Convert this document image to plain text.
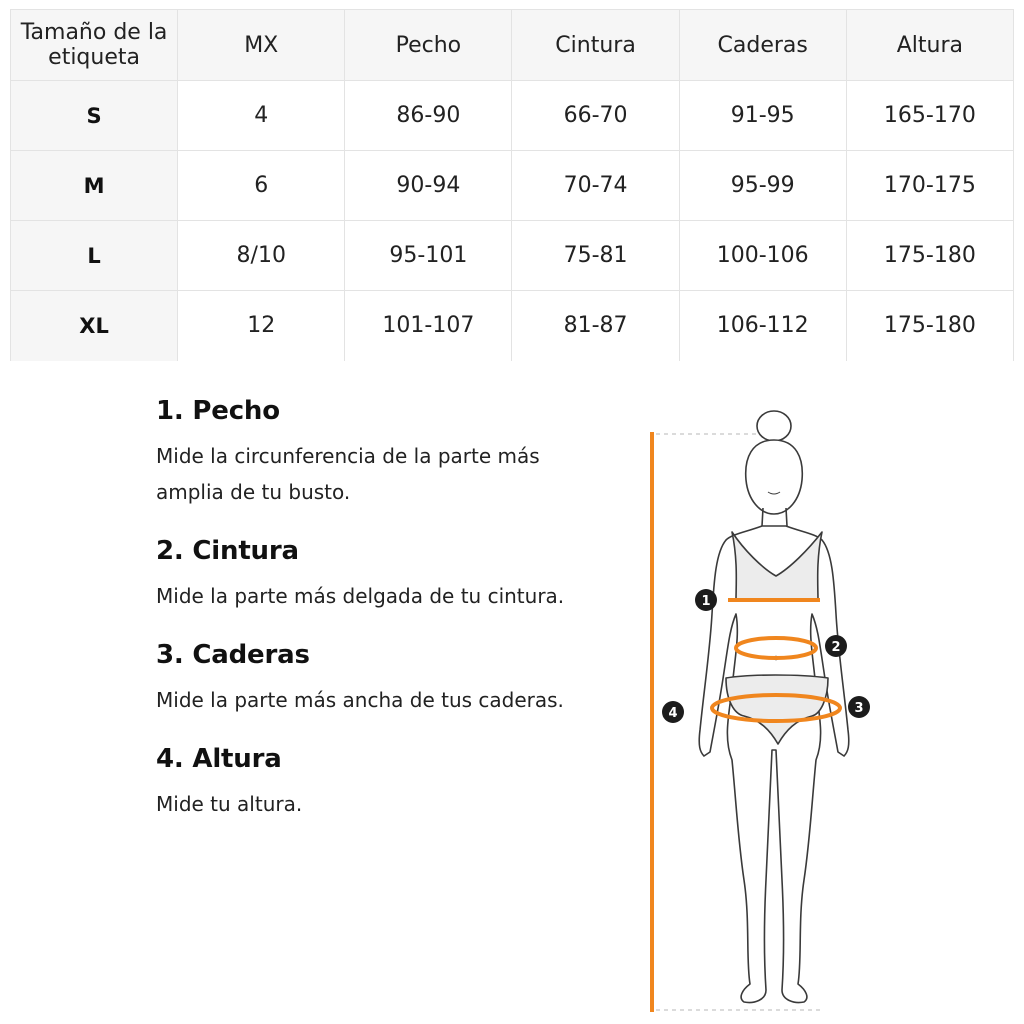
Tamaño de la etiqueta	MX	Pecho	Cintura	Caderas	Altura
S	4	86-90	66-70	91-95	165-170
M	6	90-94	70-74	95-99	170-175
L	8/10	95-101	75-81	100-106	175-180
XL	12	101-107	81-87	106-112	175-180
1. Pecho

Mide la circunferencia de la parte más amplia de tu busto.

2. Cintura

Mide la parte más delgada de tu cintura.

3. Caderas

Mide la parte más ancha de tus caderas.

4. Altura

Mide tu altura.

1
2
3
4
